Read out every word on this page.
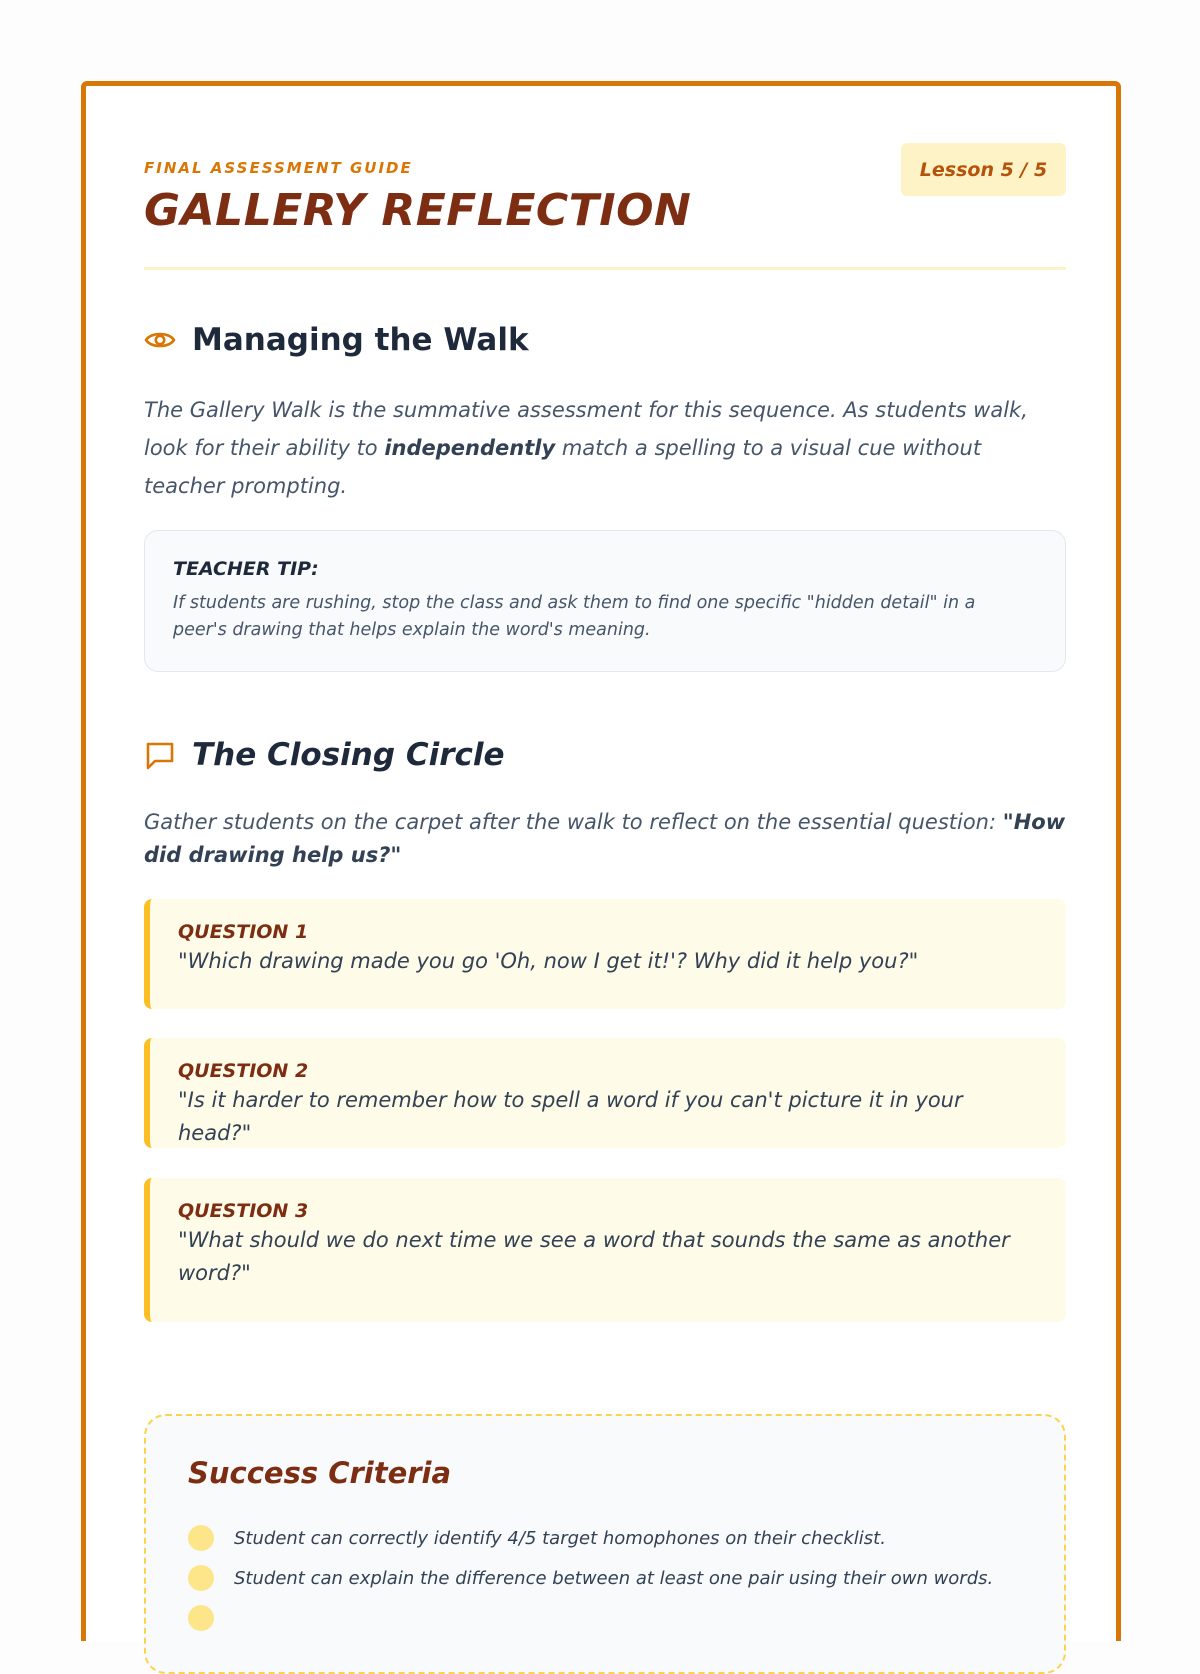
FINAL ASSESSMENT GUIDE
GALLERY REFLECTION
Lesson 5 / 5
Managing the Walk

The Gallery Walk is the summative assessment for this sequence. As students walk, look for their ability to independently match a spelling to a visual cue without teacher prompting.

TEACHER TIP:
If students are rushing, stop the class and ask them to find one specific "hidden detail" in a peer's drawing that helps explain the word's meaning.
The Closing Circle

Gather students on the carpet after the walk to reflect on the essential question: "How did drawing help us?"

QUESTION 1
"Which drawing made you go 'Oh, now I get it!'? Why did it help you?"
QUESTION 2
"Is it harder to remember how to spell a word if you can't picture it in your head?"
QUESTION 3
"What should we do next time we see a word that sounds the same as another word?"
Success Criteria
Student can correctly identify 4/5 target homophones on their checklist.
Student can explain the difference between at least one pair using their own words.
